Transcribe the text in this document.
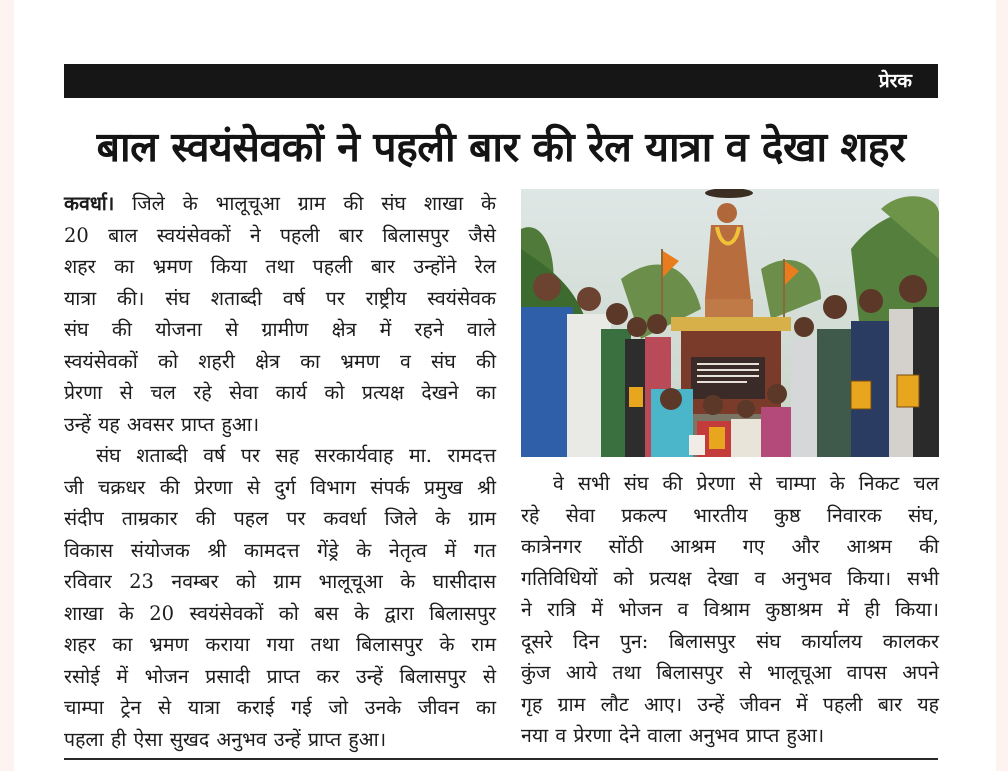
प्रेरक
बाल स्वयंसेवकों ने पहली बार की रेल यात्रा व देखा शहर

कवर्धा। जिले के भालूचूआ ग्राम की संघ शाखा के

20 बाल स्वयंसेवकों ने पहली बार बिलासपुर जैसे

शहर का भ्रमण किया तथा पहली बार उन्होंने रेल

यात्रा की। संघ शताब्दी वर्ष पर राष्ट्रीय स्वयंसेवक

संघ की योजना से ग्रामीण क्षेत्र में रहने वाले

स्वयंसेवकों को शहरी क्षेत्र का भ्रमण व संघ की

प्रेरणा से चल रहे सेवा कार्य को प्रत्यक्ष देखने का

उन्हें यह अवसर प्राप्त हुआ।

संघ शताब्दी वर्ष पर सह सरकार्यवाह मा. रामदत्त

जी चक्रधर की प्रेरणा से दुर्ग विभाग संपर्क प्रमुख श्री

संदीप ताम्रकार की पहल पर कवर्धा जिले के ग्राम

विकास संयोजक श्री कामदत्त गेंड्रे के नेतृत्व में गत

रविवार 23 नवम्बर को ग्राम भालूचूआ के घासीदास

शाखा के 20 स्वयंसेवकों को बस के द्वारा बिलासपुर

शहर का भ्रमण कराया गया तथा बिलासपुर के राम

रसोई में भोजन प्रसादी प्राप्त कर उन्हें बिलासपुर से

चाम्पा ट्रेन से यात्रा कराई गई जो उनके जीवन का

पहला ही ऐसा सुखद अनुभव उन्हें प्राप्त हुआ।

वे सभी संघ की प्रेरणा से चाम्पा के निकट चल

रहे सेवा प्रकल्प भारतीय कुष्ठ निवारक संघ,

कात्रेनगर सोंठी आश्रम गए और आश्रम की

गतिविधियों को प्रत्यक्ष देखा व अनुभव किया। सभी

ने रात्रि में भोजन व विश्राम कुष्ठाश्रम में ही किया।

दूसरे दिन पुन: बिलासपुर संघ कार्यालय कालकर

कुंज आये तथा बिलासपुर से भालूचूआ वापस अपने

गृह ग्राम लौट आए। उन्हें जीवन में पहली बार यह

नया व प्रेरणा देने वाला अनुभव प्राप्त हुआ।
